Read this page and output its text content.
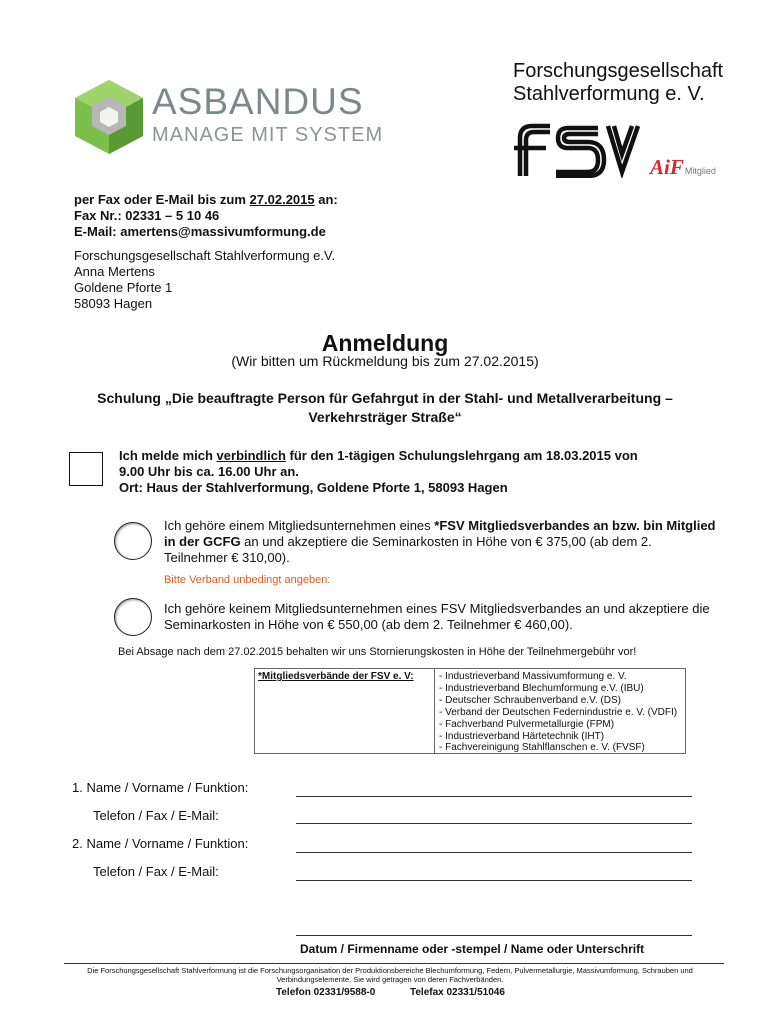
ASBANDUS
MANAGE MIT SYSTEM
Forschungsgesellschaft
Stahlverformung e. V.
AiFMitglied
per Fax oder E-Mail bis zum 27.02.2015 an:
Fax Nr.: 02331 – 5 10 46
E-Mail: amertens@massivumformung.de
Forschungsgesellschaft Stahlverformung e.V.
Anna Mertens
Goldene Pforte 1
58093 Hagen
Anmeldung
(Wir bitten um Rückmeldung bis zum 27.02.2015)
Schulung „Die beauftragte Person für Gefahrgut in der Stahl- und Metallverarbeitung –
Verkehrsträger Straße“
Ich melde mich verbindlich für den 1-tägigen Schulungslehrgang am 18.03.2015 von
9.00 Uhr bis ca. 16.00 Uhr an.
Ort: Haus der Stahlverformung, Goldene Pforte 1, 58093 Hagen
Ich gehöre einem Mitgliedsunternehmen eines *FSV Mitgliedsverbandes an bzw. bin Mitglied
in der GCFG an und akzeptiere die Seminarkosten in Höhe von € 375,00 (ab dem 2.
Teilnehmer € 310,00).
Bitte Verband unbedingt angeben:
Ich gehöre keinem Mitgliedsunternehmen eines FSV Mitgliedsverbandes an und akzeptiere die
Seminarkosten in Höhe von € 550,00 (ab dem 2. Teilnehmer € 460,00).
Bei Absage nach dem 27.02.2015 behalten wir uns Stornierungskosten in Höhe der Teilnehmergebühr vor!
*Mitgliedsverbände der FSV e. V:	- Industrieverband Massivumformung e. V.
- Industrieverband Blechumformung e.V. (IBU)
- Deutscher Schraubenverband e.V. (DS)
- Verband der Deutschen Federnindustrie e. V. (VDFI)
- Fachverband Pulvermetallurgie (FPM)
- Industrieverband Härtetechnik (IHT)
- Fachvereinigung Stahlflanschen e. V. (FVSF)
1. Name / Vorname / Funktion:
Telefon / Fax / E-Mail:
2. Name / Vorname / Funktion:
Telefon / Fax / E-Mail:
Datum / Firmenname oder -stempel / Name oder Unterschrift
Die Forschungsgesellschaft Stahlverformung ist die Forschungsorganisation der Produktionsbereiche Blechumformung, Federn, Pulvermetallurgie, Massivumformung, Schrauben und
Verbindungselemente. Sie wird getragen von deren Fachverbänden.
Telefon 02331/9588-0	Telefax 02331/51046
